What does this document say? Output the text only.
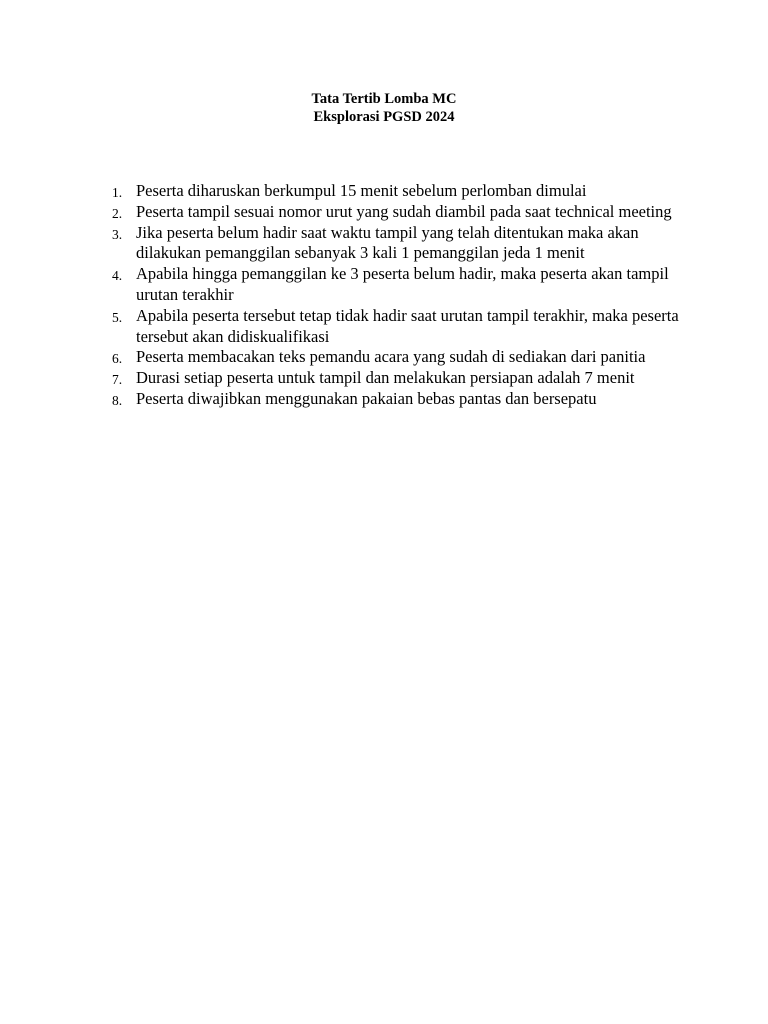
Tata Tertib Lomba MC

Eksplorasi PGSD 2024

1. Peserta diharuskan berkumpul 15 menit sebelum perlomban dimulai
2. Peserta tampil sesuai nomor urut yang sudah diambil pada saat technical meeting
3. Jika peserta belum hadir saat waktu tampil yang telah ditentukan maka akan dilakukan pemanggilan sebanyak 3 kali 1 pemanggilan jeda 1 menit
4. Apabila hingga pemanggilan ke 3 peserta belum hadir, maka peserta akan tampil urutan terakhir
5. Apabila peserta tersebut tetap tidak hadir saat urutan tampil terakhir, maka peserta tersebut akan didiskualifikasi
6. Peserta membacakan teks pemandu acara yang sudah di sediakan dari panitia
7. Durasi setiap peserta untuk tampil dan melakukan persiapan adalah 7 menit
8. Peserta diwajibkan menggunakan pakaian bebas pantas dan bersepatu
